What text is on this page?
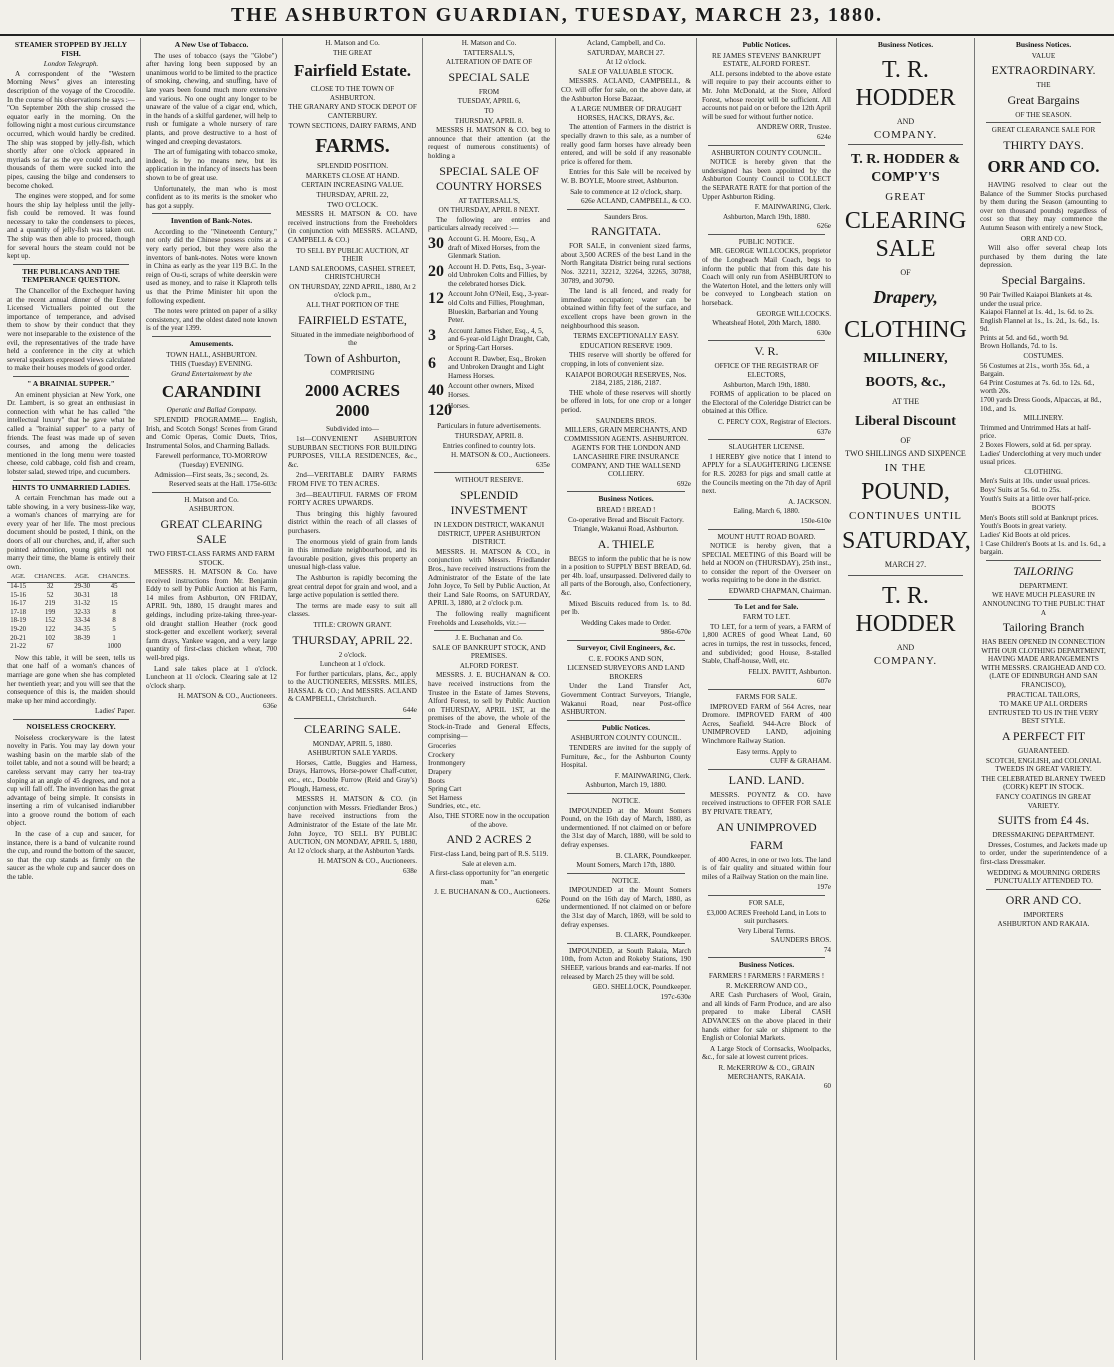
THE ASHBURTON GUARDIAN, TUESDAY, MARCH 23, 1880.
STEAMER STOPPED BY JELLY FISH.
London Telegraph.
A correspondent of the "Western Morning News" gives an interesting description of the voyage of the Crocodile. In the course of his observations he says :— "On September 20th the ship crossed the equator early in the morning. On the following night a most curious circumstance occurred, which would hardly be credited. The ship was stopped by jelly-fish, which shortly after one o'clock appeared in myriads so far as the eye could reach, and thousands of them were sucked into the pipes, causing the bilge and condensers to become choked.
The engines were stopped, and for some hours the ship lay helpless until the jelly-fish could be removed. It was found necessary to take the condensers to pieces, and a quantity of jelly-fish was taken out. The ship was then able to proceed, though for several hours the steam could not be kept up.
THE PUBLICANS AND THE TEMPERANCE QUESTION.
The Chancellor of the Exchequer having at the recent annual dinner of the Exeter Licensed Victuallers pointed out the importance of temperance, and advised them to show by their conduct that they were not inseparable to the existence of the evil, the representatives of the trade have held a conference in the city at which several speakers expressed views calculated to make their houses models of good order.
" A BRAINIAL SUPPER."
An eminent physician at New York, one Dr. Lambert, is so great an enthusiast in connection with what he has called "the intellectual luxury" that he gave what he called a "brainial supper" to a party of friends. The feast was made up of seven courses, and among the delicacies mentioned in the long menu were toasted cheese, cold cabbage, cold fish and cream, lobster salad, stewed tripe, and cucumbers.
HINTS TO UNMARRIED LADIES.
A certain Frenchman has made out a table showing, in a very business-like way, a woman's chances of marrying are for every year of her life. The most precious document should be posted, I think, on the doors of all our churches, and, if, after such pointed admonition, young girls will not marry their time, the blame is entirely their own.
AGE.	CHANCES.	AGE.	CHANCES.
14-15	32	29-30	45
15-16	52	30-31	18
16-17	219	31-32	15
17-18	199	32-33	8
18-19	152	33-34	8
19-20	122	34-35	5
20-21	102	38-39	1
21-22	67		1000
Now this table, it will be seen, tells us that one half of a woman's chances of marriage are gone when she has completed her twentieth year; and you will see that the consequence of this is, the maiden should make up her mind accordingly.
Ladies' Paper.
NOISELESS CROCKERY.
Noiseless crockeryware is the latest novelty in Paris. You may lay down your washing basin on the marble slab of the toilet table, and not a sound will be heard; a careless servant may carry her tea-tray sloping at an angle of 45 degrees, and not a cup will fall off. The invention has the great advantage of being simple. It consists in inserting a rim of vulcanised indiarubber into a groove round the bottom of each object.
In the case of a cup and saucer, for instance, there is a band of vulcanite round the cup, and round the bottom of the saucer, so that the cup stands as firmly on the saucer as the whole cup and saucer does on the table.
A New Use of Tobacco.
The uses of tobacco (says the "Globe") after having long been supposed by an unanimous world to be limited to the practice of smoking, chewing, and snuffing, have of late years been found much more extensive and various. No one ought any longer to be unaware of the value of a cigar end, which, in the hands of a skilful gardener, will help to rush or fumigate a whole nursery of rare plants, and prove destructive to a host of winged and creeping devastators.
The art of fumigating with tobacco smoke, indeed, is by no means new, but its application in the infancy of insects has been shown to be of great use.
Unfortunately, the man who is most confident as to its merits is the smoker who has got a supply.
Invention of Bank-Notes.
According to the "Nineteenth Century," not only did the Chinese possess coins at a very early period, but they were also the inventors of bank-notes. Notes were known in China as early as the year 119 B.C. In the reign of Ou-ti, scraps of white deerskin were used as money, and to raise it Klaproth tells us that the Prime Minister hit upon the following expedient.
The notes were printed on paper of a silky consistency, and the oldest dated note known is of the year 1399.
Amusements.
TOWN HALL, ASHBURTON.
THIS (Tuesday) EVENING.
Grand Entertainment by the
CARANDINI
Operatic and Ballad Company.
SPLENDID PROGRAMME— English, Irish, and Scotch Songs! Scenes from Grand and Comic Operas, Comic Duets, Trios, Instrumental Solos, and Charming Ballads.
Farewell performance, TO-MORROW (Tuesday) EVENING.
Admission—First seats, 3s.; second, 2s.
Reserved seats at the Hall. 175e-603c
H. Matson and Co.
ASHBURTON.
GREAT CLEARING SALE
TWO FIRST-CLASS FARMS AND FARM STOCK.
MESSRS. H. MATSON & Co. have received instructions from Mr. Benjamin Eddy to sell by Public Auction at his Farm, 14 miles from Ashburton, ON FRIDAY, APRIL 9th, 1880, 15 draught mares and geldings, including prize-taking three-year-old draught stallion Heather (rock good stock-getter and excellent worker); several farm drays, Yankee wagon, and a very large quantity of first-class chicken wheat, 700 well-bred pigs.
Land sale takes place at 1 o'clock. Luncheon at 11 o'clock. Clearing sale at 12 o'clock sharp.
H. MATSON & CO., Auctioneers.
636e
H. Matson and Co.
THE GREAT
Fairfield Estate.
CLOSE TO THE TOWN OF ASHBURTON.
THE GRANARY AND STOCK DEPOT OF CANTERBURY.
TOWN SECTIONS, DAIRY FARMS, AND
FARMS.
SPLENDID POSITION.
MARKETS CLOSE AT HAND.
CERTAIN INCREASING VALUE.
THURSDAY, APRIL 22,
TWO O'CLOCK.
MESSRS H. MATSON & CO. have received instructions from the Freeholders (in conjunction with MESSRS. ACLAND, CAMPBELL & CO.)
TO SELL BY PUBLIC AUCTION, AT THEIR
LAND SALEROOMS, CASHEL STREET, CHRISTCHURCH
ON THURSDAY, 22ND APRIL, 1880, At 2 o'clock p.m.,
ALL THAT PORTION OF THE
FAIRFIELD ESTATE,
Situated in the immediate neighborhood of the
Town of Ashburton,
COMPRISING
2000 ACRES 2000
Subdivided into—
1st—CONVENIENT ASHBURTON SUBURBAN SECTIONS FOR BUILDING PURPOSES, VILLA RESIDENCES, &c., &c.
2nd—VERITABLE DAIRY FARMS FROM FIVE TO TEN ACRES.
3rd—BEAUTIFUL FARMS OF FROM FORTY ACRES UPWARDS.
Thus bringing this highly favoured district within the reach of all classes of purchasers.
The enormous yield of grain from lands in this immediate neighbourhood, and its favourable position, gives this property an unusual high-class value.
The Ashburton is rapidly becoming the great central depot for grain and wool, and a large active population is settled there.
The terms are made easy to suit all classes.
TITLE: CROWN GRANT.
THURSDAY, APRIL 22.
2 o'clock.
Luncheon at 1 o'clock.
For further particulars, plans, &c., apply to the AUCTIONEERS, MESSRS. MILES, HASSAL & CO.; And MESSRS. ACLAND & CAMPBELL, Christchurch.
644e
CLEARING SALE.
MONDAY, APRIL 5, 1880.
ASHBURTON SALE YARDS.
Horses, Cattle, Buggies and Harness, Drays, Harrows, Horse-power Chaff-cutter, etc., etc., Double Furrow (Reid and Gray's) Plough, Harness, etc.
MESSRS H. MATSON & CO. (in conjunction with Messrs. Friedlander Bros.) have received instructions from the Administrator of the Estate of the late Mr. John Joyce, TO SELL BY PUBLIC AUCTION, ON MONDAY, APRIL 5, 1880, At 12 o'clock sharp, at the Ashburton Yards.
H. MATSON & CO., Auctioneers.
638e
H. Matson and Co.
TATTERSALL'S,
ALTERATION OF DATE OF
SPECIAL SALE
FROM
TUESDAY, APRIL 6,
TO
THURSDAY, APRIL 8.
MESSRS H. MATSON & CO. beg to announce that their attention (at the request of numerous constituents) of holding a
SPECIAL SALE OF COUNTRY HORSES
AT TATTERSALL'S,
ON THURSDAY, APRIL 8 NEXT.
The following are entries and particulars already received :—
30 Account G. H. Moore, Esq., A draft of Mixed Horses, from the Glenmark Station.
20 Account H. D. Petts, Esq., 3-year-old Unbroken Colts and Fillies, by the celebrated horses Dick.
12 Account John O'Neil, Esq., 3-year-old Colts and Fillies, Ploughman, Blueskin, Barbarian and Young Peter.
3	Account James Fisher, Esq., 4, 5, and 6-year-old Light Draught, Cab, or Spring-Cart Horses.
6	Account R. Dawber, Esq., Broken and Unbroken Draught and Light Harness Horses.
40 Account other owners, Mixed Horses.
120
Horses.
Particulars in future advertisements.
THURSDAY, APRIL 8.
Entries confined to country lots.
H. MATSON & CO., Auctioneers.
635e
WITHOUT RESERVE.
SPLENDID INVESTMENT
IN LEXDON DISTRICT, WAKANUI DISTRICT, UPPER ASHBURTON DISTRICT.
MESSRS. H. MATSON & CO., in conjunction with Messrs. Friedlander Bros., have received instructions from the Administrator of the Estate of the late John Joyce, To Sell by Public Auction, At their Land Sale Rooms, on SATURDAY, APRIL 3, 1880, at 2 o'clock p.m.
The following really magnificent Freeholds and Leaseholds, viz.:—
J. E. Buchanan and Co.
SALE OF BANKRUPT STOCK, AND PREMISES.
ALFORD FOREST.
MESSRS. J. E. BUCHANAN & CO. have received instructions from the Trustee in the Estate of James Stevens, Alford Forest, to sell by Public Auction on THURSDAY, APRIL 1ST, at the premises of the above, the whole of the Stock-in-Trade and General Effects, comprising—
Groceries
Crockery
Ironmongery
Drapery
Boots
Spring Cart
Set Harness
Sundries, etc., etc.
Also, THE STORE now in the occupation of the above.
AND 2 ACRES 2
First-class Land, being part of R.S. 5119.
Sale at eleven a.m.
A first-class opportunity for "an energetic man."
J. E. BUCHANAN & CO., Auctioneers.
626e
Acland, Campbell, and Co.
SATURDAY, MARCH 27.
At 12 o'clock.
SALE OF VALUABLE STOCK.
MESSRS. ACLAND, CAMPBELL, & CO. will offer for sale, on the above date, at the Ashburton Horse Bazaar,
A LARGE NUMBER OF DRAUGHT HORSES, HACKS, DRAYS, &c.
The attention of Farmers in the district is specially drawn to this sale, as a number of really good farm horses have already been entered, and will be sold if any reasonable price is offered for them.
Entries for this Sale will be received by W. B. BOYLE, Moore street, Ashburton.
Sale to commence at 12 o'clock, sharp.
626e ACLAND, CAMPBELL, & CO.
Saunders Bros.
RANGITATA.
FOR SALE, in convenient sized farms, about 3,500 ACRES of the best Land in the North Rangitata District being rural sections Nos. 32211, 32212, 32264, 32265, 30788, 30789, and 30790.
The land is all fenced, and ready for immediate occupation; water can be obtained within fifty feet of the surface, and excellent crops have been grown in the neighbourhood this season.
TERMS EXCEPTIONALLY EASY.
EDUCATION RESERVE 1909.
THIS reserve will shortly be offered for cropping, in lots of convenient size.
KAIAPOI BOROUGH RESERVES, Nos. 2184, 2185, 2186, 2187.
THE whole of these reserves will shortly be offered in lots, for one crop or a longer period.
SAUNDERS BROS.
MILLERS, GRAIN MERCHANTS, AND COMMISSION AGENTS. ASHBURTON.
AGENTS FOR THE LONDON AND LANCASHIRE FIRE INSURANCE COMPANY, AND THE WALLSEND COLLIERY.
692e
Business Notices.
BREAD ! BREAD !
Co-operative Bread and Biscuit Factory.
Triangle, Wakanui Road, Ashburton.
A. THIELE
BEGS to inform the public that he is now in a position to SUPPLY BEST BREAD, 6d. per 4lb. loaf, unsurpassed. Delivered daily to all parts of the Borough, also, Confectionery, &c.
Mixed Biscuits reduced from 1s. to 8d. per lb.
Wedding Cakes made to Order.
986e-670e
Surveyor, Civil Engineers, &c.
C. E. FOOKS AND SON,
LICENSED SURVEYORS AND LAND BROKERS
Under the Land Transfer Act, Government Contract Surveyors, Triangle, Wakanui Road, near Post-office ASHBURTON.
Public Notices.
ASHBURTON COUNTY COUNCIL.
TENDERS are invited for the supply of Furniture, &c., for the Ashburton County Hospital.
F. MAINWARING, Clerk.
Ashburton, March 19, 1880.
NOTICE.
IMPOUNDED at the Mount Somers Pound, on the 16th day of March, 1880, as undermentioned. If not claimed on or before the 31st day of March, 1880, will be sold to defray expenses.
B. CLARK, Poundkeeper.
Mount Somers, March 17th, 1880.
NOTICE.
IMPOUNDED at the Mount Somers Pound on the 16th day of March, 1880, as undermentioned. If not claimed on or before the 31st day of March, 1869, will be sold to defray expenses.
B. CLARK, Poundkeeper.
IMPOUNDED, at South Rakaia, March 10th, from Acton and Rokeby Stations, 190 SHEEP, various brands and ear-marks. If not released by March 25 they will be sold.
GEO. SHELLOCK, Poundkeeper.
197c-630e
Public Notices.
RE JAMES STEVENS' BANKRUPT ESTATE, ALFORD FOREST.
ALL persons indebted to the above estate will require to pay their accounts either to Mr. John McDonald, at the Store, Alford Forest, whose receipt will be sufficient. All accounts not paid on or before the 12th April will be sued for without further notice.
ANDREW ORR, Trustee.
624e
ASHBURTON COUNTY COUNCIL.
NOTICE is hereby given that the undersigned has been appointed by the Ashburton County Council to COLLECT the SEPARATE RATE for that portion of the Upper Ashburton Riding.
F. MAINWARING, Clerk.
Ashburton, March 19th, 1880.
626e
PUBLIC NOTICE.
MR. GEORGE WILLCOCKS, proprietor of the Longbeach Mail Coach, begs to inform the public that from this date his Coach will only run from ASHBURTON to the Waterton Hotel, and the letters only will be conveyed to Longbeach station on horseback.
GEORGE WILLCOCKS.
Wheatsheaf Hotel, 20th March, 1880.
630e
V. R.
OFFICE OF THE REGISTRAR OF ELECTORS,
Ashburton, March 19th, 1880.
FORMS of application to be placed on the Electoral of the Coleridge District can be obtained at this Office.
C. PERCY COX, Registrar of Electors.
637e
SLAUGHTER LICENSE.
I HEREBY give notice that I intend to APPLY for a SLAUGHTERING LICENSE for R.S. 20283 for pigs and small cattle at the Councils meeting on the 7th day of April next.
A. JACKSON.
Ealing, March 6, 1880.
150e-610e
MOUNT HUTT ROAD BOARD.
NOTICE is hereby given, that a SPECIAL MEETING of this Board will be held at NOON on (THURSDAY), 25th inst., to consider the report of the Overseer on works requiring to be done in the district.
EDWARD CHAPMAN, Chairman.
To Let and for Sale.
FARM TO LET.
TO LET, for a term of years, a FARM of 1,800 ACRES of good Wheat Land, 60 acres in turnips, the rest in tussocks, fenced, and subdivided; good House, 8-stalled Stable, Chaff-house, Well, etc.
FELIX. PAVITT, Ashburton.
607e
FARMS FOR SALE.
IMPROVED FARM of 564 Acres, near Dromore. IMPROVED FARM of 400 Acres, Seafield. 944-Acre Block of UNIMPROVED LAND, adjoining Winchmore Railway Station.
Easy terms. Apply to
CUFF & GRAHAM.
LAND. LAND.
MESSRS. POYNTZ & CO. have received instructions to OFFER FOR SALE BY PRIVATE TREATY,
AN UNIMPROVED
FARM
of 400 Acres, in one or two lots. The land is of fair quality and situated within four miles of a Railway Station on the main line.
197e
FOR SALE,
£3,000 ACRES Freehold Land, in Lots to suit purchasers.
Very Liberal Terms.
SAUNDERS BROS.
74
Business Notices.
FARMERS ! FARMERS ! FARMERS !
R. McKERROW AND CO.,
ARE Cash Purchasers of Wool, Grain, and all kinds of Farm Produce, and are also prepared to make Liberal CASH ADVANCES on the above placed in their hands either for sale or shipment to the English or Colonial Markets.
A Large Stock of Cornsacks, Woolpacks, &c., for sale at lowest current prices.
R. McKERROW & CO., GRAIN MERCHANTS, RAKAIA.
60
Business Notices.
T. R. HODDER
AND
COMPANY.
T. R. HODDER & COMP'Y'S
GREAT
CLEARING SALE
OF
Drapery,
CLOTHING
MILLINERY,
BOOTS, &c.,
AT THE
Liberal Discount
OF
TWO SHILLINGS AND SIXPENCE
IN THE
POUND,
CONTINUES UNTIL
SATURDAY,
MARCH 27.
T. R. HODDER
AND
COMPANY.
Business Notices.
VALUE
EXTRAORDINARY.
THE
Great Bargains
OF THE SEASON.
GREAT CLEARANCE SALE FOR
THIRTY DAYS.
ORR AND CO.
HAVING resolved to clear out the Balance of the Summer Stocks purchased by them during the Season (amounting to over ten thousand pounds) regardless of cost so that they may commence the Autumn Season with entirely a new Stock,
ORR AND CO.
Will also offer several cheap lots purchased by them during the late depression.
Special Bargains.
90 Pair Twilled Kaiapoi Blankets at 4s. under the usual price.
Kaiapoi Flannel at 1s. 4d., 1s. 6d. to 2s.
English Flannel at 1s., 1s. 2d., 1s. 6d., 1s. 9d.
Prints at 5d. and 6d., worth 9d.
Brown Hollands, 7d. to 1s.
COSTUMES.
56 Costumes at 21s., worth 35s. 6d., a Bargain.
64 Print Costumes at 7s. 6d. to 12s. 6d., worth 20s.
1700 yards Dress Goods, Alpaccas, at 8d., 10d., and 1s.
MILLINERY.
Trimmed and Untrimmed Hats at half-price.
2 Boxes Flowers, sold at 6d. per spray.
Ladies' Underclothing at very much under usual prices.
CLOTHING.
Men's Suits at 10s. under usual prices.
Boys' Suits at 5s. 6d. to 25s.
Youth's Suits at a little over half-price.
BOOTS
Men's Boots still sold at Bankrupt prices.
Youth's Boots in great variety.
Ladies' Kid Boots at old prices.
1 Case Children's Boots at 1s. and 1s. 6d., a bargain.
TAILORING
DEPARTMENT.
WE HAVE MUCH PLEASURE IN ANNOUNCING TO THE PUBLIC THAT A
Tailoring Branch
HAS BEEN OPENED IN CONNECTION WITH OUR CLOTHING DEPARTMENT, HAVING MADE ARRANGEMENTS WITH MESSRS. CRAIGHEAD AND CO. (LATE OF EDINBURGH AND SAN FRANCISCO),
PRACTICAL TAILORS,
TO MAKE UP ALL ORDERS ENTRUSTED TO US IN THE VERY BEST STYLE.
A PERFECT FIT
GUARANTEED.
SCOTCH, ENGLISH, and COLONIAL TWEEDS IN GREAT VARIETY.
THE CELEBRATED BLARNEY TWEED (CORK) KEPT IN STOCK.
FANCY COATINGS IN GREAT VARIETY.
SUITS from £4 4s.
DRESSMAKING DEPARTMENT.
Dresses, Costumes, and Jackets made up to order, under the superintendence of a first-class Dressmaker.
WEDDING & MOURNING ORDERS PUNCTUALLY ATTENDED TO.
ORR AND CO.
IMPORTERS
ASHBURTON AND RAKAIA.
